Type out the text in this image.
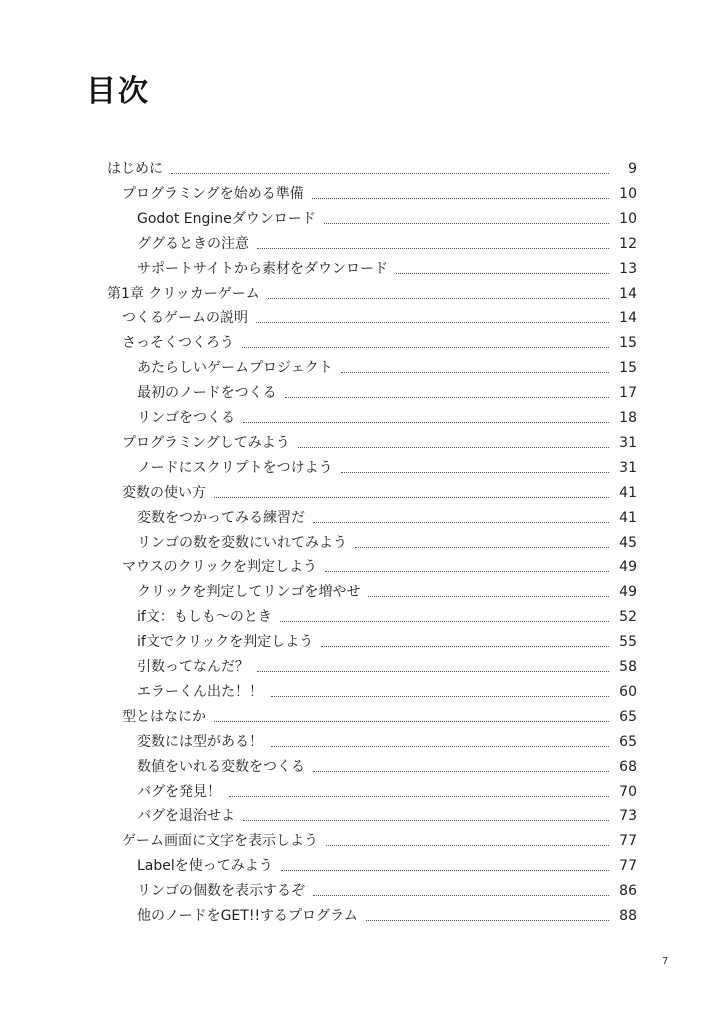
目次
はじめに	9
プログラミングを始める準備	10
Godot Engineダウンロード	10
ググるときの注意	12
サポートサイトから素材をダウンロード	13
第1章 クリッカーゲーム	14
つくるゲームの説明	14
さっそくつくろう	15
あたらしいゲームプロジェクト	15
最初のノードをつくる	17
リンゴをつくる	18
プログラミングしてみよう	31
ノードにスクリプトをつけよう	31
変数の使い方	41
変数をつかってみる練習だ	41
リンゴの数を変数にいれてみよう	45
マウスのクリックを判定しよう	49
クリックを判定してリンゴを増やせ	49
if文：もしも〜のとき	52
if文でクリックを判定しよう	55
引数ってなんだ？	58
エラーくん出た！！	60
型とはなにか	65
変数には型がある！	65
数値をいれる変数をつくる	68
バグを発見！	70
バグを退治せよ	73
ゲーム画面に文字を表示しよう	77
Labelを使ってみよう	77
リンゴの個数を表示するぞ	86
他のノードをGET!!するプログラム	88
7
